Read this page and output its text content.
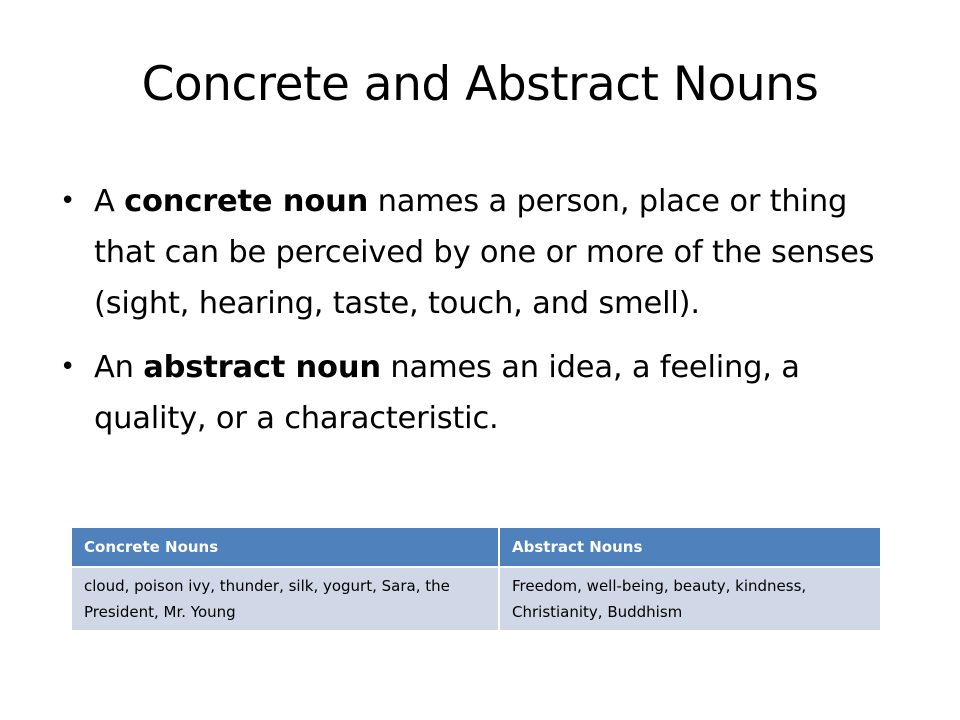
Concrete and Abstract Nouns
• A concrete noun names a person, place or thing that can be perceived by one or more of the senses (sight, hearing, taste, touch, and smell).
• An abstract noun names an idea, a feeling, a quality, or a characteristic.
Concrete Nouns	Abstract Nouns
cloud, poison ivy, thunder, silk, yogurt, Sara, the President, Mr. Young	Freedom, well-being, beauty, kindness, Christianity, Buddhism
